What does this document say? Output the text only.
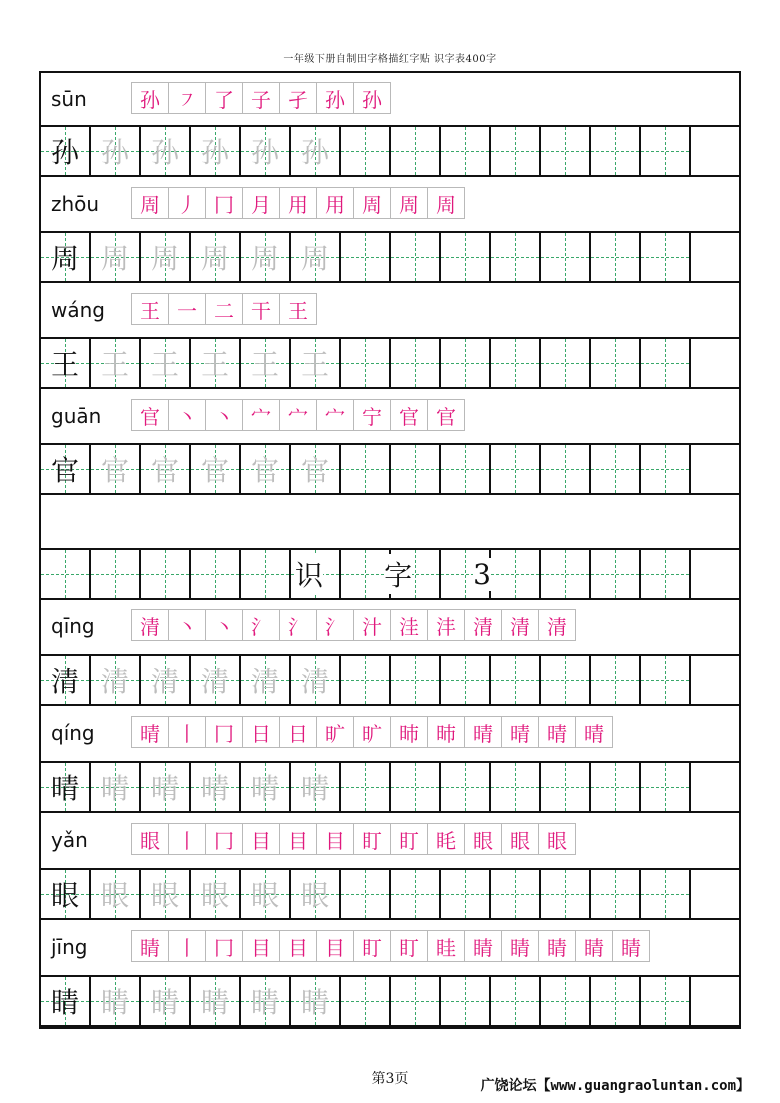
一年级下册自制田字格描红字贴 识字表400字
sūn	孙 ㇇ 了 子 孑 孙 孙
孙 孙 孙 孙 孙 孙
zhōu	周 丿 冂 月 用 用 周 周 周
周 周 周 周 周 周
wáng	王 一 二 干 王
王 王 王 王 王 王
guān	官 丶 丶 宀 宀 宀 宁 官 官
官 官 官 官 官 官
识 字 3
qīng	清 丶 丶 氵 氵 氵 汁 洼 沣 清 清 清
清 清 清 清 清 清
qíng	晴 丨 冂 日 日 旷 旷 昁 昁 晴 晴 晴 晴
晴 晴 晴 晴 晴 晴
yǎn	眼 丨 冂 目 目 目 盯 盯 眊 眼 眼 眼
眼 眼 眼 眼 眼 眼
jīng	睛 丨 冂 目 目 目 盯 盯 眭 睛 睛 睛 睛 睛
睛 睛 睛 睛 睛 睛
第3页	广饶论坛【www.guangraoluntan.com】
